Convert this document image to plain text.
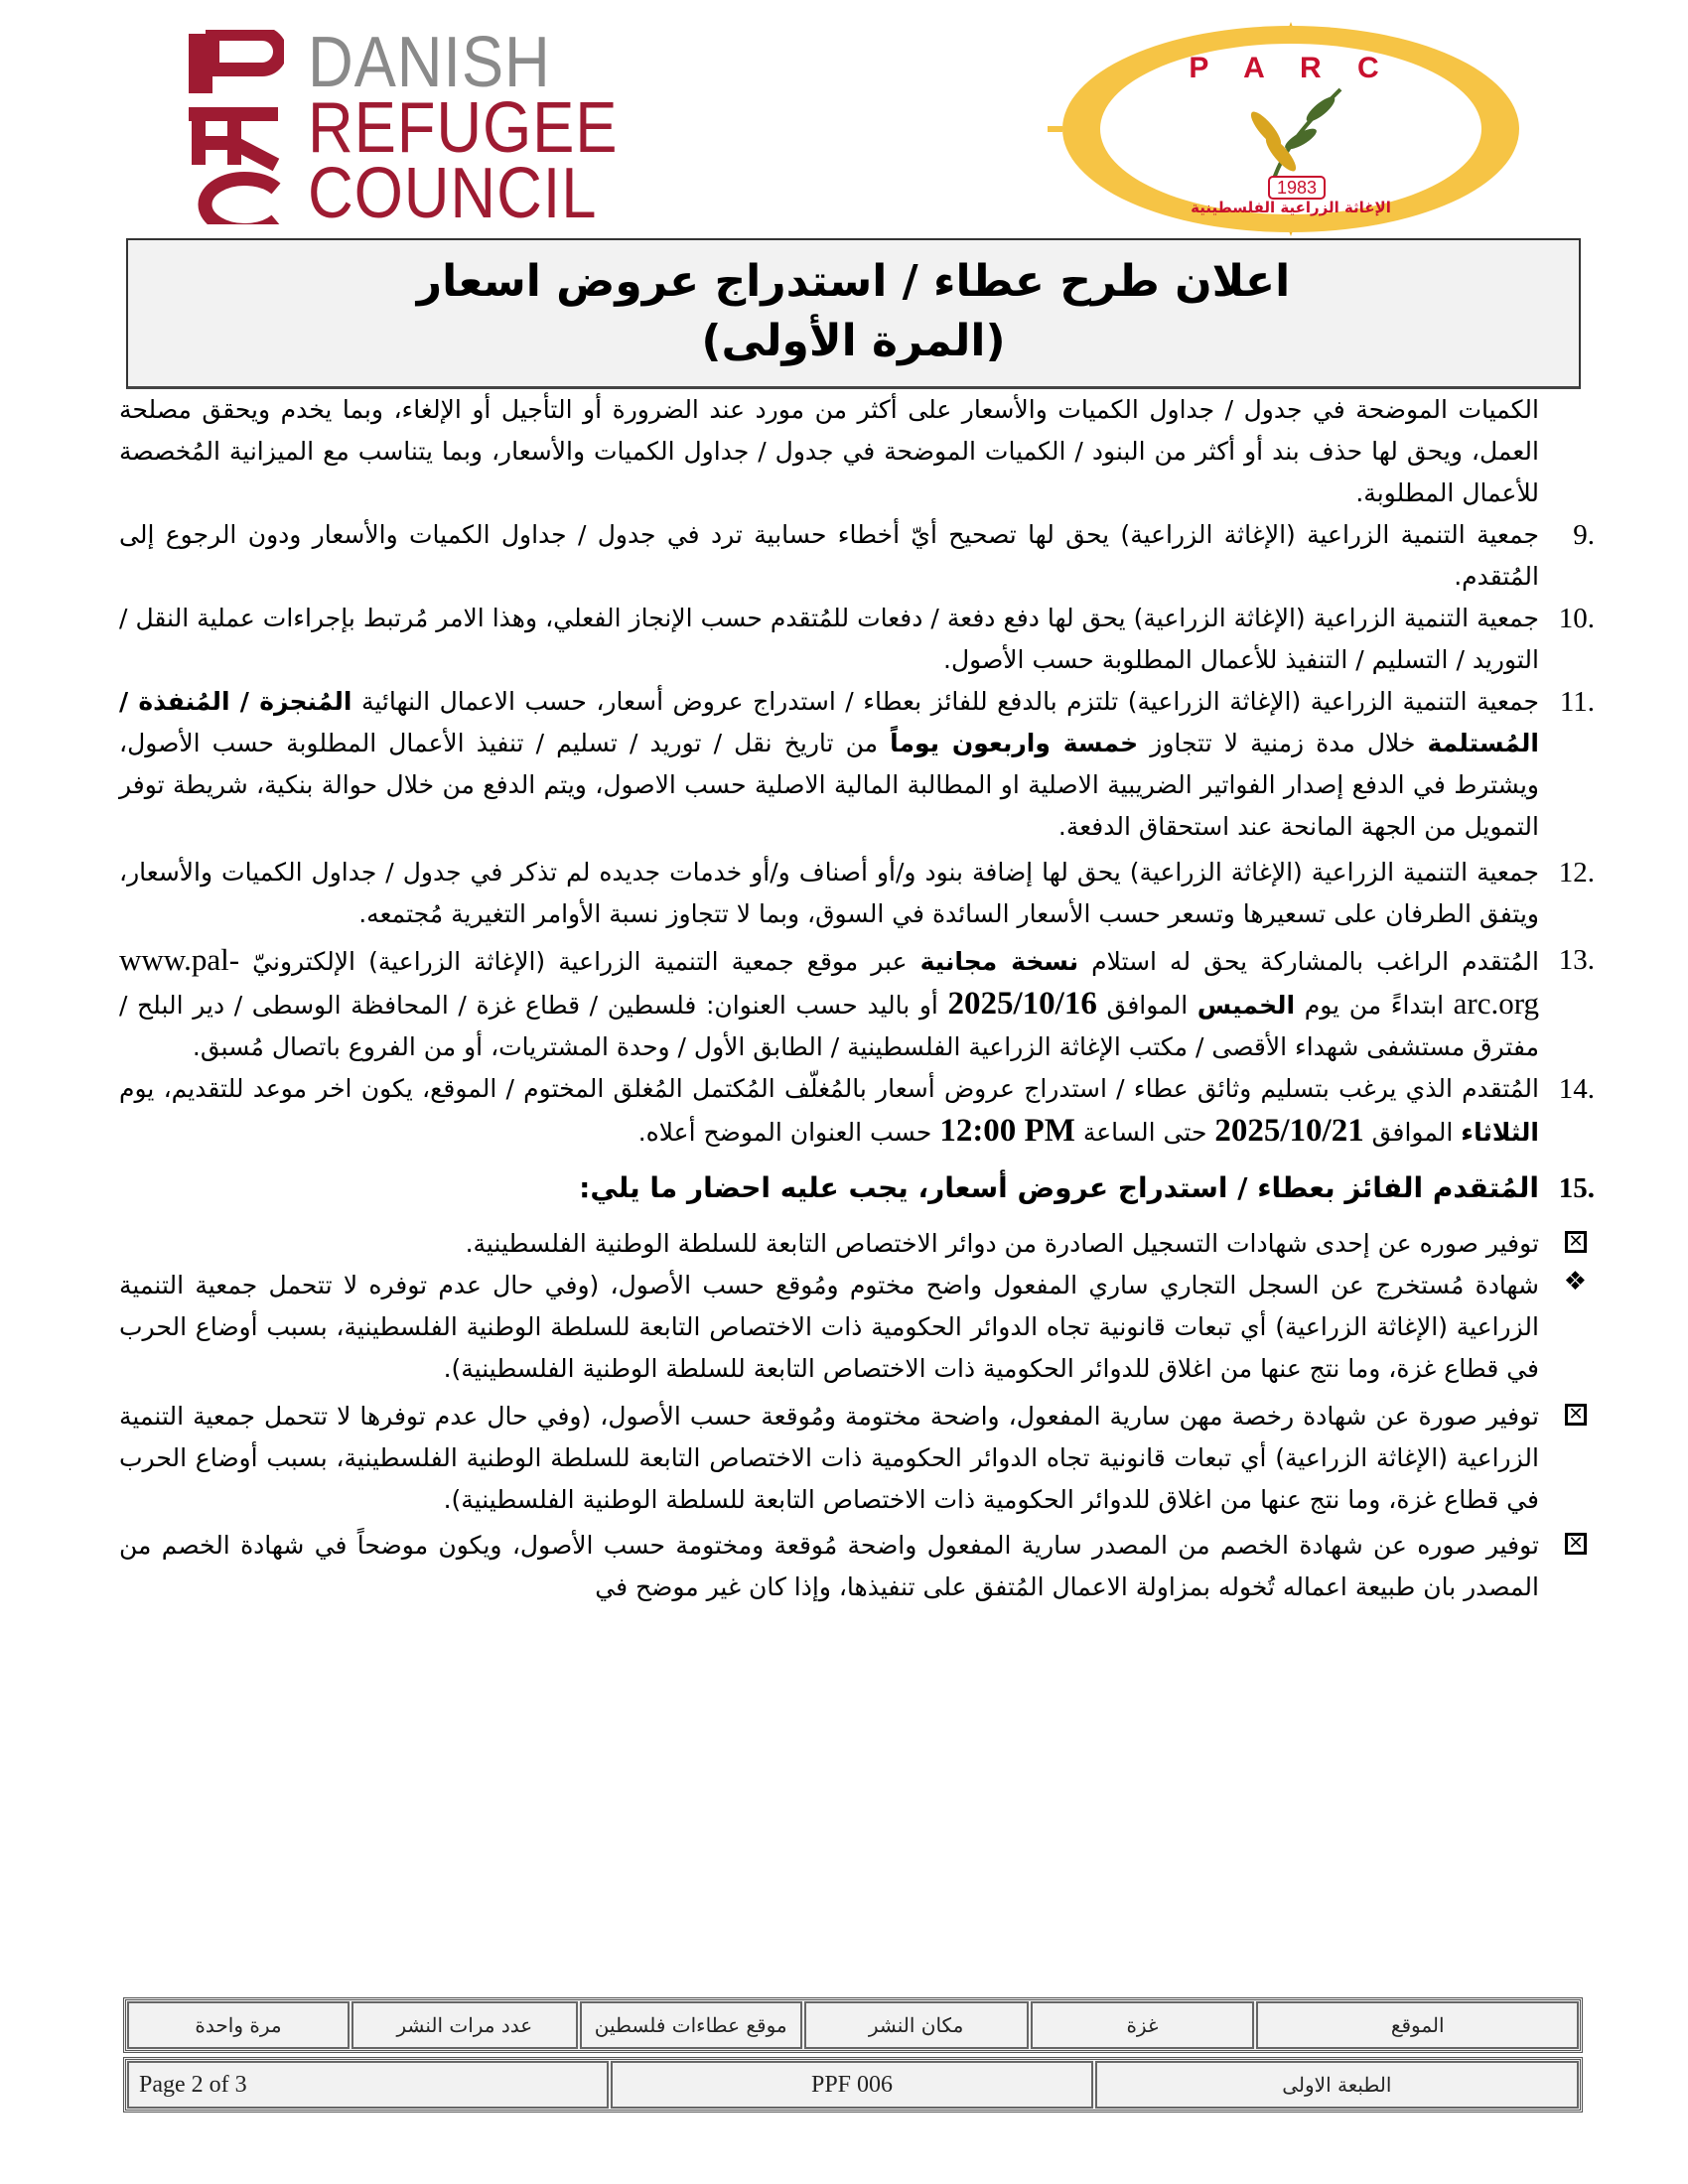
DANISH
REFUGEE
COUNCIL
P A R C
1983
الإغاثة الزراعية الفلسطينية
اعلان طرح عطاء / استدراج عروض اسعار
(المرة الأولى)
الكميات الموضحة في جدول / جداول الكميات والأسعار على أكثر من مورد عند الضرورة أو التأجيل أو الإلغاء، وبما يخدم ويحقق مصلحة العمل، ويحق لها حذف بند أو أكثر من البنود / الكميات الموضحة في جدول / جداول الكميات والأسعار، وبما يتناسب مع الميزانية المُخصصة للأعمال المطلوبة.
9.
جمعية التنمية الزراعية (الإغاثة الزراعية) يحق لها تصحيح أيّ أخطاء حسابية ترد في جدول / جداول الكميات والأسعار ودون الرجوع إلى المُتقدم.
10.
جمعية التنمية الزراعية (الإغاثة الزراعية) يحق لها دفع دفعة / دفعات للمُتقدم حسب الإنجاز الفعلي، وهذا الامر مُرتبط بإجراءات عملية النقل / التوريد / التسليم / التنفيذ للأعمال المطلوبة حسب الأصول.
11.
جمعية التنمية الزراعية (الإغاثة الزراعية) تلتزم بالدفع للفائز بعطاء / استدراج عروض أسعار، حسب الاعمال النهائية المُنجزة / المُنفذة / المُستلمة خلال مدة زمنية لا تتجاوز خمسة واربعون يوماً من تاريخ نقل / توريد / تسليم / تنفيذ الأعمال المطلوبة حسب الأصول، ويشترط في الدفع إصدار الفواتير الضريبية الاصلية او المطالبة المالية الاصلية حسب الاصول، ويتم الدفع من خلال حوالة بنكية، شريطة توفر التمويل من الجهة المانحة عند استحقاق الدفعة.
12.
جمعية التنمية الزراعية (الإغاثة الزراعية) يحق لها إضافة بنود و/أو أصناف و/أو خدمات جديده لم تذكر في جدول / جداول الكميات والأسعار، ويتفق الطرفان على تسعيرها وتسعر حسب الأسعار السائدة في السوق، وبما لا تتجاوز نسبة الأوامر التغيرية مُجتمعه.
13.
المُتقدم الراغب بالمشاركة يحق له استلام نسخة مجانية عبر موقع جمعية التنمية الزراعية (الإغاثة الزراعية) الإلكترونيّ www.pal-arc.org ابتداءً من يوم الخميس الموافق 2025/10/16 أو باليد حسب العنوان: فلسطين / قطاع غزة / المحافظة الوسطى / دير البلح / مفترق مستشفى شهداء الأقصى / مكتب الإغاثة الزراعية الفلسطينية / الطابق الأول / وحدة المشتريات، أو من الفروع باتصال مُسبق.
14.
المُتقدم الذي يرغب بتسليم وثائق عطاء / استدراج عروض أسعار بالمُغلّف المُكتمل المُغلق المختوم / الموقع، يكون اخر موعد للتقديم، يوم الثلاثاء الموافق 2025/10/21 حتى الساعة 12:00 PM حسب العنوان الموضح أعلاه.
15.
المُتقدم الفائز بعطاء / استدراج عروض أسعار، يجب عليه احضار ما يلي:
✕
توفير صوره عن إحدى شهادات التسجيل الصادرة من دوائر الاختصاص التابعة للسلطة الوطنية الفلسطينية.
❖
شهادة مُستخرج عن السجل التجاري ساري المفعول واضح مختوم ومُوقع حسب الأصول، (وفي حال عدم توفره لا تتحمل جمعية التنمية الزراعية (الإغاثة الزراعية) أي تبعات قانونية تجاه الدوائر الحكومية ذات الاختصاص التابعة للسلطة الوطنية الفلسطينية، بسبب أوضاع الحرب في قطاع غزة، وما نتج عنها من اغلاق للدوائر الحكومية ذات الاختصاص التابعة للسلطة الوطنية الفلسطينية).
✕
توفير صورة عن شهادة رخصة مهن سارية المفعول، واضحة مختومة ومُوقعة حسب الأصول، (وفي حال عدم توفرها لا تتحمل جمعية التنمية الزراعية (الإغاثة الزراعية) أي تبعات قانونية تجاه الدوائر الحكومية ذات الاختصاص التابعة للسلطة الوطنية الفلسطينية، بسبب أوضاع الحرب في قطاع غزة، وما نتج عنها من اغلاق للدوائر الحكومية ذات الاختصاص التابعة للسلطة الوطنية الفلسطينية).
✕
توفير صوره عن شهادة الخصم من المصدر سارية المفعول واضحة مُوقعة ومختومة حسب الأصول، ويكون موضحاً في شهادة الخصم من المصدر بان طبيعة اعماله تُخوله بمزاولة الاعمال المُتفق على تنفيذها، وإذا كان غير موضح في
الموقع
غزة
مكان النشر
موقع عطاءات فلسطين
عدد مرات النشر
مرة واحدة
الطبعة الاولى
PPF 006
Page 2 of 3
